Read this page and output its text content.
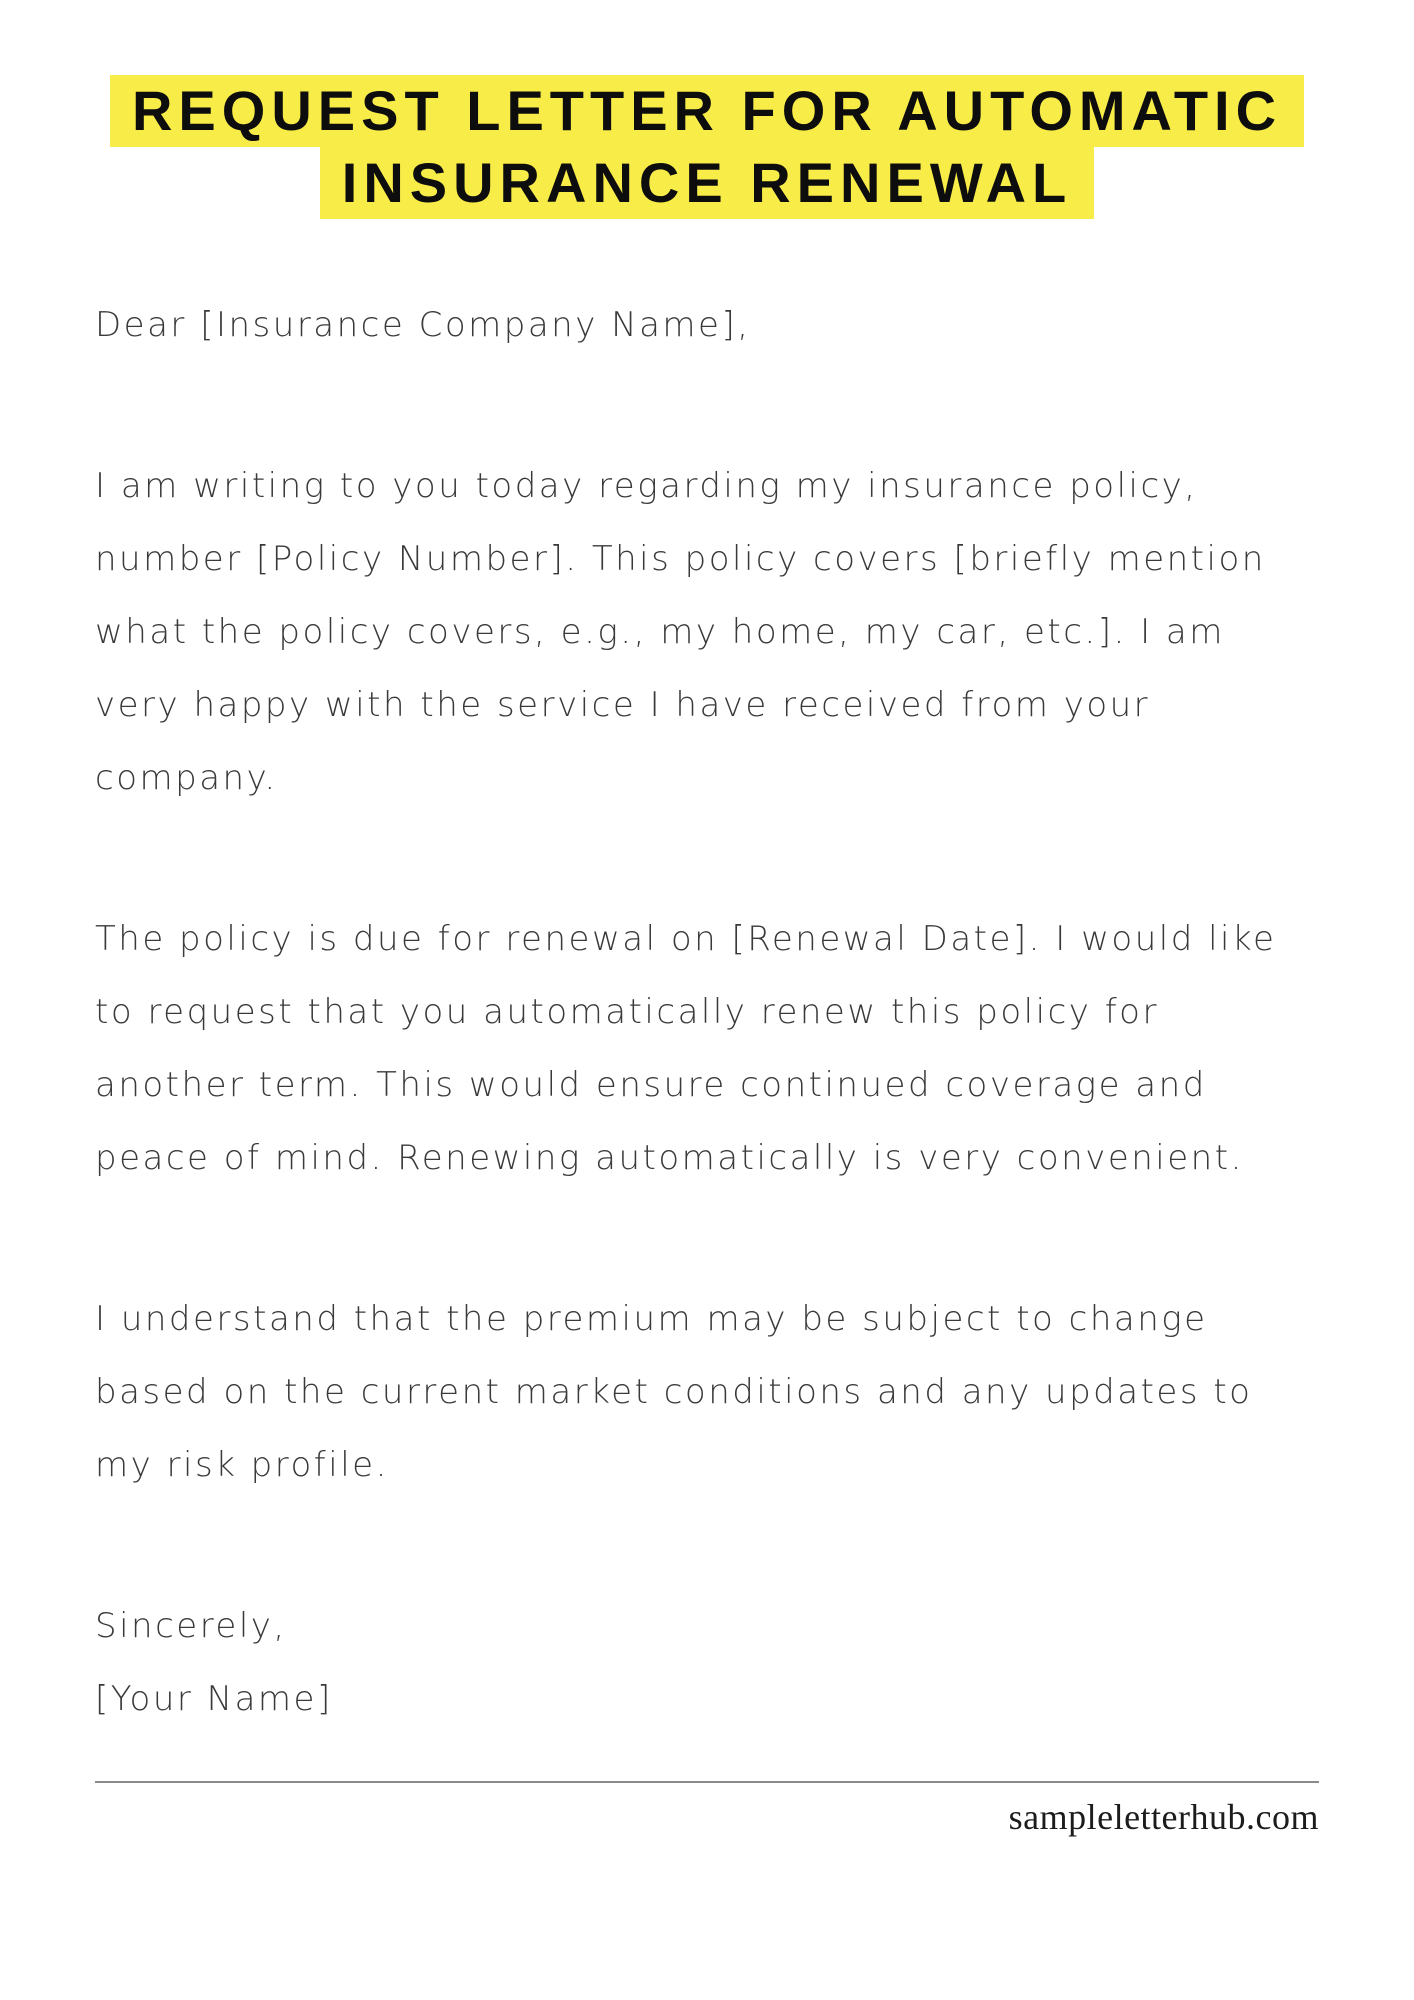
REQUEST LETTER FOR AUTOMATIC
INSURANCE RENEWAL

Dear [Insurance Company Name],

I am writing to you today regarding my insurance policy, number [Policy Number]. This policy covers [briefly mention what the policy covers, e.g., my home, my car, etc.]. I am very happy with the service I have received from your company.

The policy is due for renewal on [Renewal Date]. I would like to request that you automatically renew this policy for another term. This would ensure continued coverage and peace of mind. Renewing automatically is very convenient.

I understand that the premium may be subject to change based on the current market conditions and any updates to my risk profile.

Sincerely,

[Your Name]

sampleletterhub.com
